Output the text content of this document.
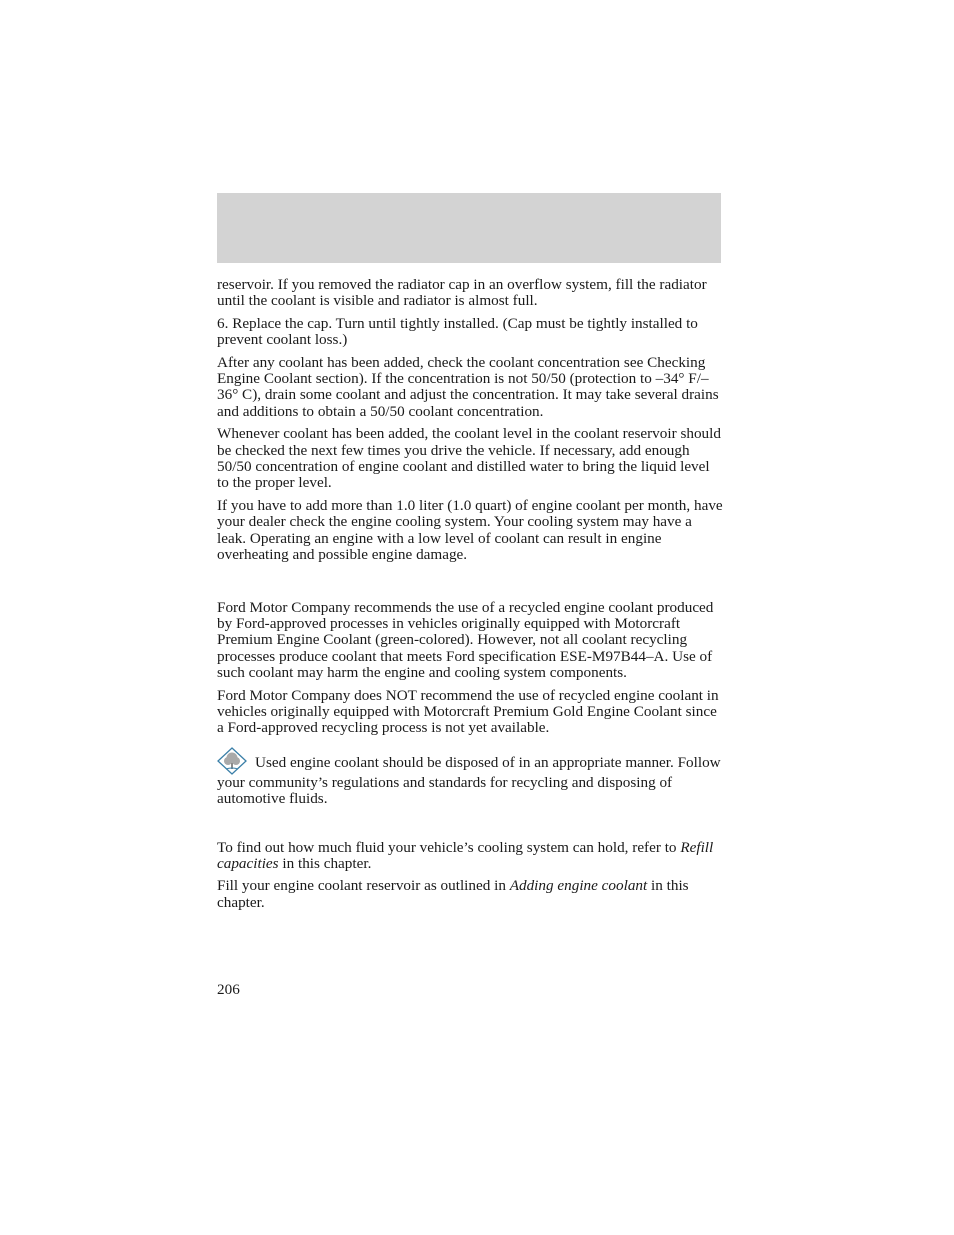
reservoir. If you removed the radiator cap in an overflow system, fill the radiator until the coolant is visible and radiator is almost full.

6. Replace the cap. Turn until tightly installed. (Cap must be tightly installed to prevent coolant loss.)

After any coolant has been added, check the coolant concentration see Checking Engine Coolant section). If the concentration is not 50/50 (protection to –34° F/–36° C), drain some coolant and adjust the concentration. It may take several drains and additions to obtain a 50/50 coolant concentration.

Whenever coolant has been added, the coolant level in the coolant reservoir should be checked the next few times you drive the vehicle. If necessary, add enough 50/50 concentration of engine coolant and distilled water to bring the liquid level to the proper level.

If you have to add more than 1.0 liter (1.0 quart) of engine coolant per month, have your dealer check the engine cooling system. Your cooling system may have a leak. Operating an engine with a low level of coolant can result in engine overheating and possible engine damage.

Ford Motor Company recommends the use of a recycled engine coolant produced by Ford-approved processes in vehicles originally equipped with Motorcraft Premium Engine Coolant (green-colored). However, not all coolant recycling processes produce coolant that meets Ford specification ESE-M97B44–A. Use of such coolant may harm the engine and cooling system components.

Ford Motor Company does NOT recommend the use of recycled engine coolant in vehicles originally equipped with Motorcraft Premium Gold Engine Coolant since a Ford-approved recycling process is not yet available.

Used engine coolant should be disposed of in an appropriate manner. Follow your community’s regulations and standards for recycling and disposing of automotive fluids.

To find out how much fluid your vehicle’s cooling system can hold, refer to Refill capacities in this chapter.

Fill your engine coolant reservoir as outlined in Adding engine coolant in this chapter.

206
